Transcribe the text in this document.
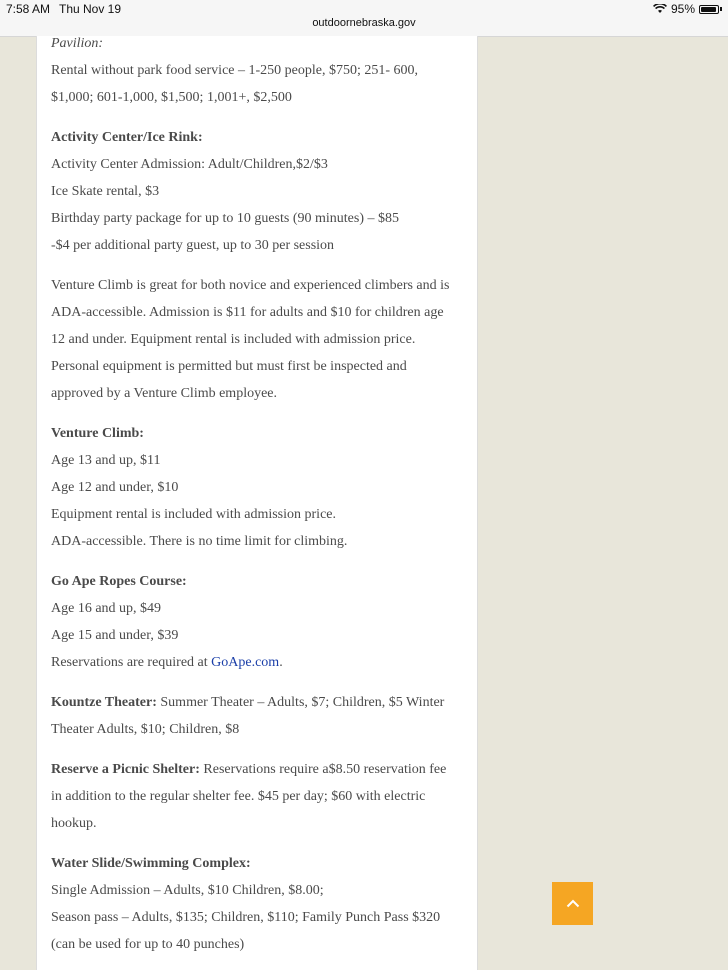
7:58 AM Thu Nov 19
outdoornebraska.gov
95%

Pavilion:

Rental without park food service – 1-250 people, $750; 251- 600,

$1,000; 601-1,000, $1,500; 1,001+, $2,500

Activity Center/Ice Rink:

Activity Center Admission: Adult/Children,$2/$3

Ice Skate rental, $3

Birthday party package for up to 10 guests (90 minutes) – $85

-$4 per additional party guest, up to 30 per session

Venture Climb is great for both novice and experienced climbers and is

ADA-accessible. Admission is $11 for adults and $10 for children age

12 and under. Equipment rental is included with admission price.

Personal equipment is permitted but must first be inspected and

approved by a Venture Climb employee.

Venture Climb:

Age 13 and up, $11

Age 12 and under, $10

Equipment rental is included with admission price.

ADA-accessible. There is no time limit for climbing.

Go Ape Ropes Course:

Age 16 and up, $49

Age 15 and under, $39

Reservations are required at GoApe.com.

Kountze Theater: Summer Theater – Adults, $7; Children, $5 Winter

Theater Adults, $10; Children, $8

Reserve a Picnic Shelter: Reservations require a$8.50 reservation fee

in addition to the regular shelter fee. $45 per day; $60 with electric

hookup.

Water Slide/Swimming Complex:

Single Admission – Adults, $10 Children, $8.00;

Season pass – Adults, $135; Children, $110; Family Punch Pass $320

(can be used for up to 40 punches)
